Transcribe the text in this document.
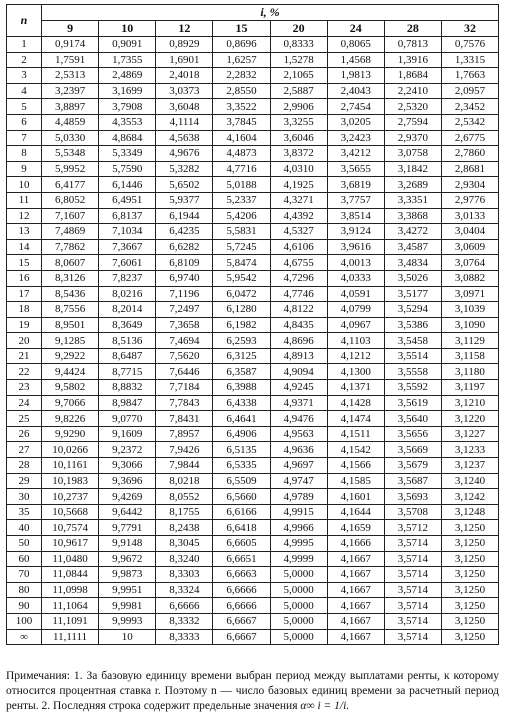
n	i, %							
	9	10	12	15	20	24	28	32
1	0,9174	0,9091	0,8929	0,8696	0,8333	0,8065	0,7813	0,7576
2	1,7591	1,7355	1,6901	1,6257	1,5278	1,4568	1,3916	1,3315
3	2,5313	2,4869	2,4018	2,2832	2,1065	1,9813	1,8684	1,7663
4	3,2397	3,1699	3,0373	2,8550	2,5887	2,4043	2,2410	2,0957
5	3,8897	3,7908	3,6048	3,3522	2,9906	2,7454	2,5320	2,3452
6	4,4859	4,3553	4,1114	3,7845	3,3255	3,0205	2,7594	2,5342
7	5,0330	4,8684	4,5638	4,1604	3,6046	3,2423	2,9370	2,6775
8	5,5348	5,3349	4,9676	4,4873	3,8372	3,4212	3,0758	2,7860
9	5,9952	5,7590	5,3282	4,7716	4,0310	3,5655	3,1842	2,8681
10	6,4177	6,1446	5,6502	5,0188	4,1925	3,6819	3,2689	2,9304
11	6,8052	6,4951	5,9377	5,2337	4,3271	3,7757	3,3351	2,9776
12	7,1607	6,8137	6,1944	5,4206	4,4392	3,8514	3,3868	3,0133
13	7,4869	7,1034	6,4235	5,5831	4,5327	3,9124	3,4272	3,0404
14	7,7862	7,3667	6,6282	5,7245	4,6106	3,9616	3,4587	3,0609
15	8,0607	7,6061	6,8109	5,8474	4,6755	4,0013	3,4834	3,0764
16	8,3126	7,8237	6,9740	5,9542	4,7296	4,0333	3,5026	3,0882
17	8,5436	8,0216	7,1196	6,0472	4,7746	4,0591	3,5177	3,0971
18	8,7556	8,2014	7,2497	6,1280	4,8122	4,0799	3,5294	3,1039
19	8,9501	8,3649	7,3658	6,1982	4,8435	4,0967	3,5386	3,1090
20	9,1285	8,5136	7,4694	6,2593	4,8696	4,1103	3,5458	3,1129
21	9,2922	8,6487	7,5620	6,3125	4,8913	4,1212	3,5514	3,1158
22	9,4424	8,7715	7,6446	6,3587	4,9094	4,1300	3,5558	3,1180
23	9,5802	8,8832	7,7184	6,3988	4,9245	4,1371	3,5592	3,1197
24	9,7066	8,9847	7,7843	6,4338	4,9371	4,1428	3,5619	3,1210
25	9,8226	9,0770	7,8431	6,4641	4,9476	4,1474	3,5640	3,1220
26	9,9290	9,1609	7,8957	6,4906	4,9563	4,1511	3,5656	3,1227
27	10,0266	9,2372	7,9426	6,5135	4,9636	4,1542	3,5669	3,1233
28	10,1161	9,3066	7,9844	6,5335	4,9697	4,1566	3,5679	3,1237
29	10,1983	9,3696	8,0218	6,5509	4,9747	4,1585	3,5687	3,1240
30	10,2737	9,4269	8,0552	6,5660	4,9789	4,1601	3,5693	3,1242
35	10,5668	9,6442	8,1755	6,6166	4,9915	4,1644	3,5708	3,1248
40	10,7574	9,7791	8,2438	6,6418	4,9966	4,1659	3,5712	3,1250
50	10,9617	9,9148	8,3045	6,6605	4,9995	4,1666	3,5714	3,1250
60	11,0480	9,9672	8,3240	6,6651	4,9999	4,1667	3,5714	3,1250
70	11,0844	9,9873	8,3303	6,6663	5,0000	4,1667	3,5714	3,1250
80	11,0998	9,9951	8,3324	6,6666	5,0000	4,1667	3,5714	3,1250
90	11,1064	9,9981	6,6666	6,6666	5,0000	4,1667	3,5714	3,1250
100	11,1091	9,9993	8,3332	6,6667	5,0000	4,1667	3,5714	3,1250
∞	11,1111	10	8,3333	6,6667	5,0000	4,1667	3,5714	3,1250
Примечания: 1. За базовую единицу времени выбран период между выплатами ренты, к которому относится процентная ставка r. Поэтому n — число базовых единиц времени за расчетный период ренты. 2. Последняя строка содержит предельные значения α∞ i = 1/i.
